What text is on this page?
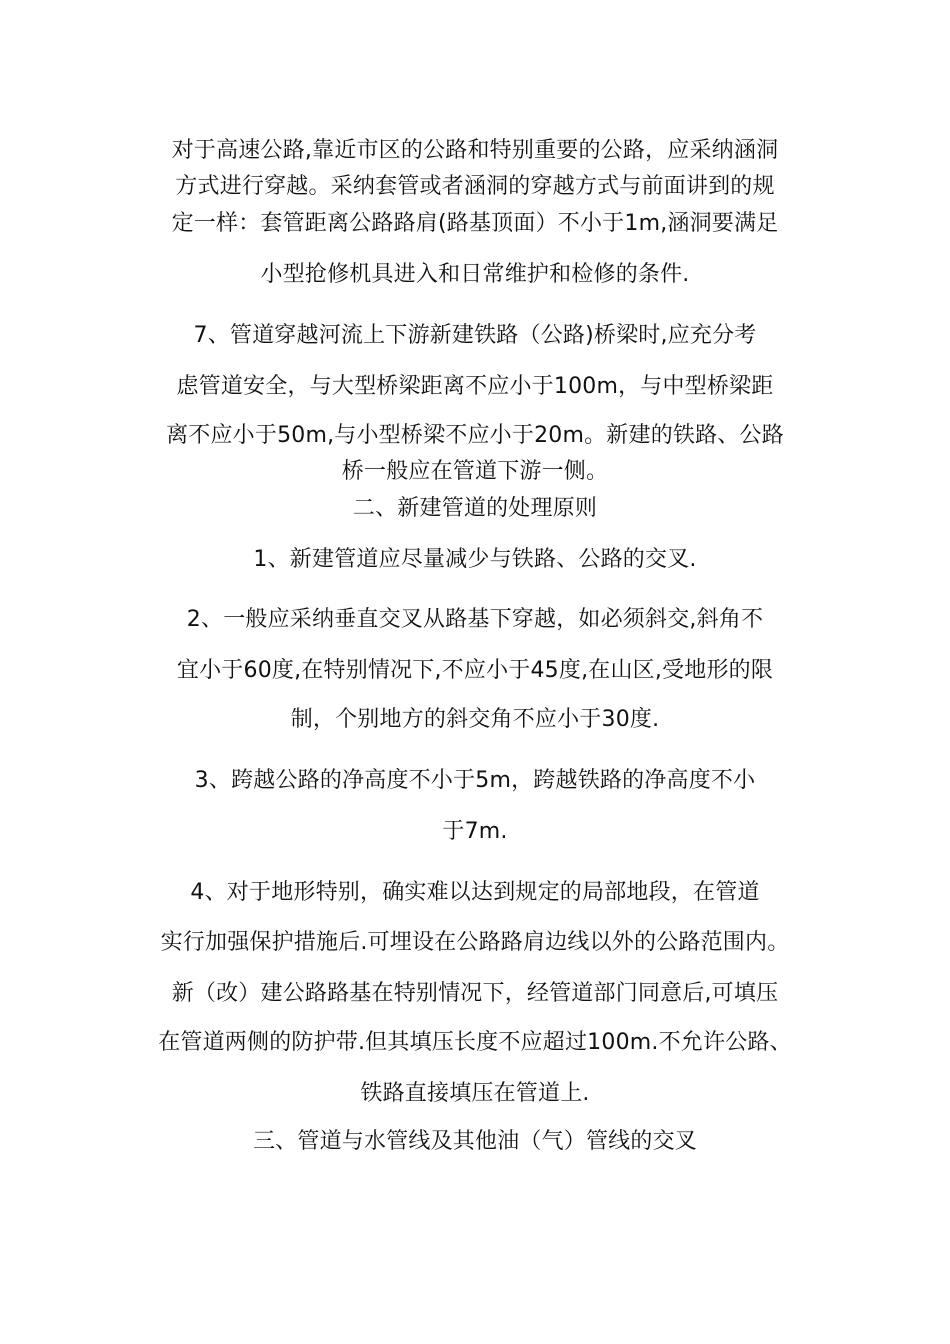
对于高速公路,靠近市区的公路和特别重要的公路，应采纳涵洞
方式进行穿越。采纳套管或者涵洞的穿越方式与前面讲到的规
定一样：套管距离公路路肩(路基顶面）不小于1m,涵洞要满足
小型抢修机具进入和日常维护和检修的条件.
7、管道穿越河流上下游新建铁路（公路)桥梁时,应充分考
虑管道安全，与大型桥梁距离不应小于100m，与中型桥梁距
离不应小于50m,与小型桥梁不应小于20m。新建的铁路、公路
桥一般应在管道下游一侧。
二、新建管道的处理原则
1、新建管道应尽量减少与铁路、公路的交叉.
2、一般应采纳垂直交叉从路基下穿越，如必须斜交,斜角不
宜小于60度,在特别情况下,不应小于45度,在山区,受地形的限
制，个别地方的斜交角不应小于30度.
3、跨越公路的净高度不小于5m，跨越铁路的净高度不小
于7m.
4、对于地形特别，确实难以达到规定的局部地段，在管道
实行加强保护措施后.可埋设在公路路肩边线以外的公路范围内。
新（改）建公路路基在特别情况下，经管道部门同意后,可填压
在管道两侧的防护带.但其填压长度不应超过100m.不允许公路、
铁路直接填压在管道上.
三、管道与水管线及其他油（气）管线的交叉
